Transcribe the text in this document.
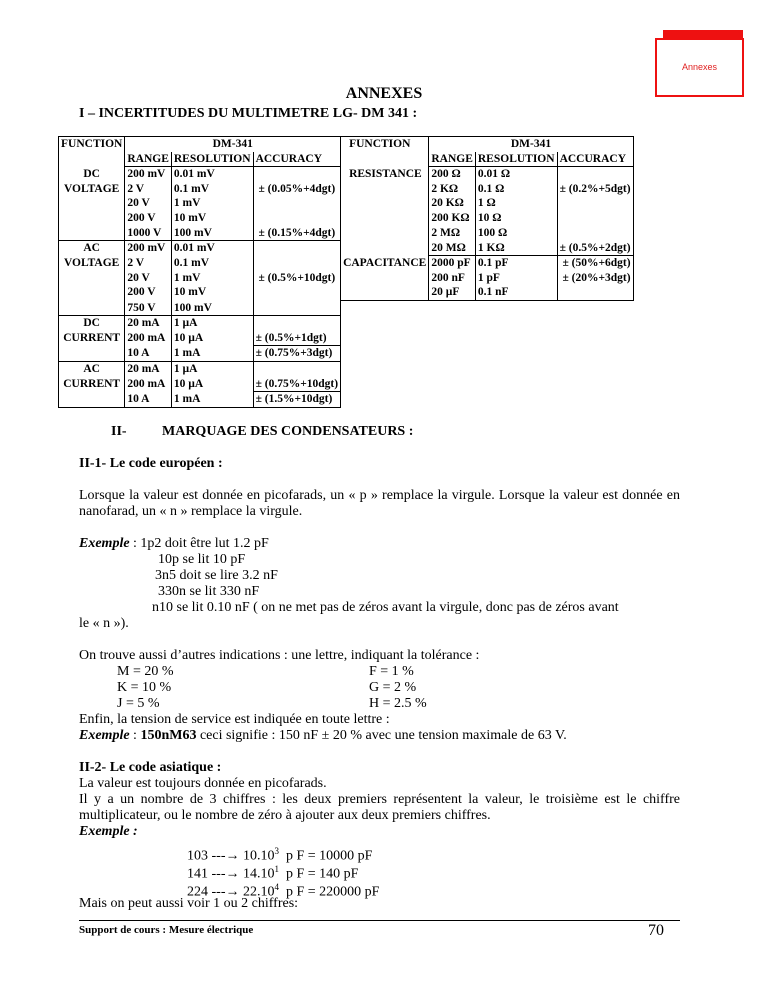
Annexes
ANNEXES
I – INCERTITUDES DU MULTIMETRE LG- DM 341 :
FUNCTION	DM-341			FUNCTION	DM-341		
	RANGE	RESOLUTION	ACCURACY		RANGE	RESOLUTION	ACCURACY
DC	200 mV	0.01 mV		RESISTANCE	200 Ω	0.01 Ω	
VOLTAGE	2 V	0.1 mV	± (0.05%+4dgt)		2 KΩ	0.1 Ω	± (0.2%+5dgt)
	20 V	1 mV			20 KΩ	1 Ω	
	200 V	10 mV			200 KΩ	10 Ω	
	1000 V	100 mV	± (0.15%+4dgt)		2 MΩ	100 Ω	
AC	200 mV	0.01 mV			20 MΩ	1 KΩ	± (0.5%+2dgt)
VOLTAGE	2 V	0.1 mV		CAPACITANCE	2000 pF	0.1 pF	± (50%+6dgt)
	20 V	1 mV	± (0.5%+10dgt)		200 nF	1 pF	± (20%+3dgt)
	200 V	10 mV			20 µF	0.1 nF	
	750 V	100 mV					
DC	20 mA	1 µA					
CURRENT	200 mA	10 µA	± (0.5%+1dgt)				
	10 A	1 mA	± (0.75%+3dgt)				
AC	20 mA	1 µA					
CURRENT	200 mA	10 µA	± (0.75%+10dgt)				
	10 A	1 mA	± (1.5%+10dgt)				
II-	MARQUAGE DES CONDENSATEURS :
II-1- Le code européen :
Lorsque la valeur est donnée en picofarads, un « p » remplace la virgule. Lorsque la valeur est donnée en nanofarad, un « n » remplace la virgule.
Exemple : 1p2 doit être lut 1.2 pF
10p se lit 10 pF
3n5 doit se lire 3.2 nF
330n se lit 330 nF
n10 se lit 0.10 nF ( on ne met pas de zéros avant la virgule, donc pas de zéros avant
le « n »).
On trouve aussi d’autres indications : une lettre, indiquant la tolérance :
M = 20 %	F = 1 %
K = 10 %	G = 2 %
J = 5 %	H = 2.5 %
Enfin, la tension de service est indiquée en toute lettre :
Exemple : 150nM63 ceci signifie : 150 nF ± 20 % avec une tension maximale de 63 V.
II-2- Le code asiatique :
La valeur est toujours donnée en picofarads.
Il y a un nombre de 3 chiffres : les deux premiers représentent la valeur, le troisième est le chiffre multiplicateur, ou le nombre de zéro à ajouter aux deux premiers chiffres.
Exemple :
103 ---→ $10.10^3$ p F = 10000 pF
141 ---→ $14.10^1$ p F = 140 pF
224 ---→ $22.10^4$ p F = 220000 pF
Mais on peut aussi voir 1 ou 2 chiffres:
Support de cours : Mesure électrique	70
